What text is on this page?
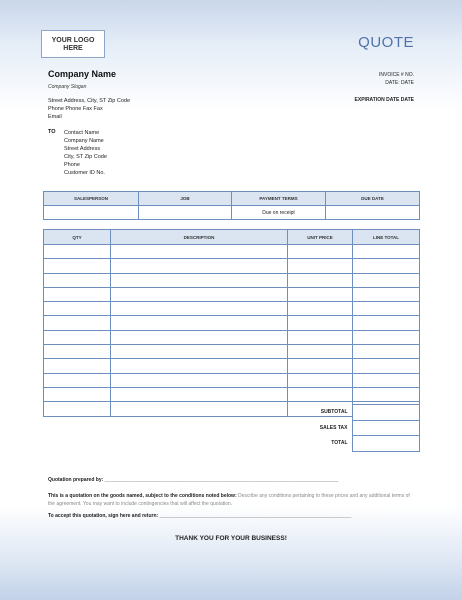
YOUR LOGO HERE	QUOTE
Company Name
Company Slogan
Street Address, City, ST Zip Code
Phone Phone Fax Fax
Email
INVOICE # NO.
DATE: DATE
EXPIRATION DATE DATE
TO Contact Name
Company Name
Street Address
City, ST Zip Code
Phone
Customer ID No.
SALESPERSON	JOB	PAYMENT TERMS	DUE DATE
		Due on receipt	
QTY	DESCRIPTION	UNIT PRICE	LINE TOTAL

SUBTOTAL	
SALES TAX	
TOTAL	
Quotation prepared by: ____________________________________________________________________________________
This is a quotation on the goods named, subject to the conditions noted below: Describe any conditions pertaining to these prices and any additional terms of the agreement. You may want to include contingencies that will affect the quotation.
To accept this quotation, sign here and return: _____________________________________________________________________
THANK YOU FOR YOUR BUSINESS!
